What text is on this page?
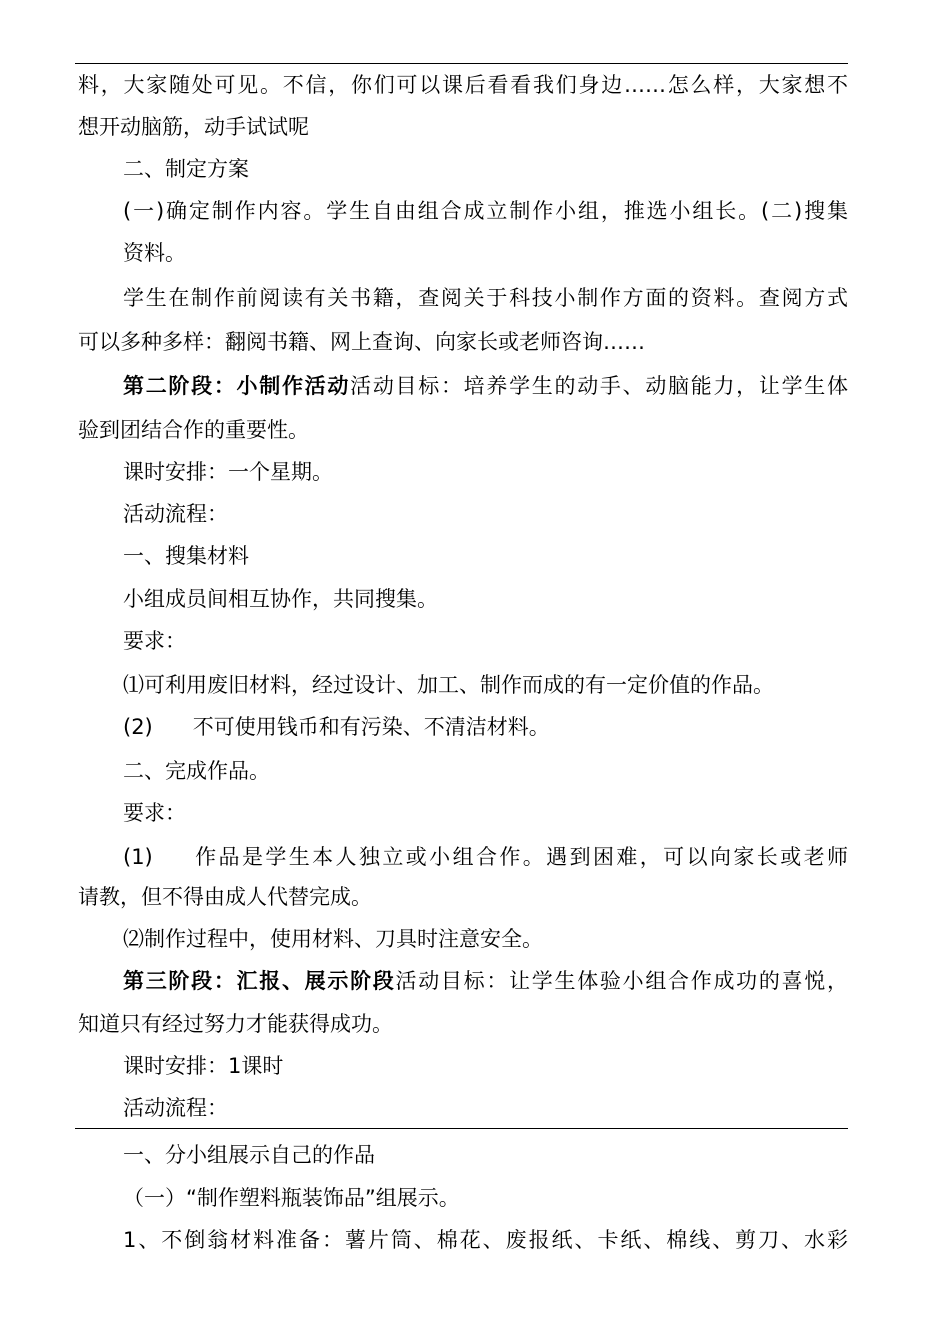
料，大家随处可见。不信，你们可以课后看看我们身边……怎么样，大家想不
想开动脑筋，动手试试呢
二、制定方案
(一)确定制作内容。学生自由组合成立制作小组，推选小组长。(二)搜集
资料。
学生在制作前阅读有关书籍，查阅关于科技小制作方面的资料。查阅方式
可以多种多样：翻阅书籍、网上查询、向家长或老师咨询……
第二阶段：小制作活动活动目标：培养学生的动手、动脑能力，让学生体
验到团结合作的重要性。
课时安排：一个星期。
活动流程：
一、搜集材料
小组成员间相互协作，共同搜集。
要求：
⑴可利用废旧材料，经过设计、加工、制作而成的有一定价值的作品。
(2) 不可使用钱币和有污染、不清洁材料。
二、完成作品。
要求：
(1) 作品是学生本人独立或小组合作。遇到困难，可以向家长或老师
请教，但不得由成人代替完成。
⑵制作过程中，使用材料、刀具时注意安全。
第三阶段：汇报、展示阶段活动目标：让学生体验小组合作成功的喜悦，
知道只有经过努力才能获得成功。
课时安排：1课时
活动流程：
一、分小组展示自己的作品
（一）“制作塑料瓶装饰品”组展示。
1、不倒翁材料准备：薯片筒、棉花、废报纸、卡纸、棉线、剪刀、水彩
